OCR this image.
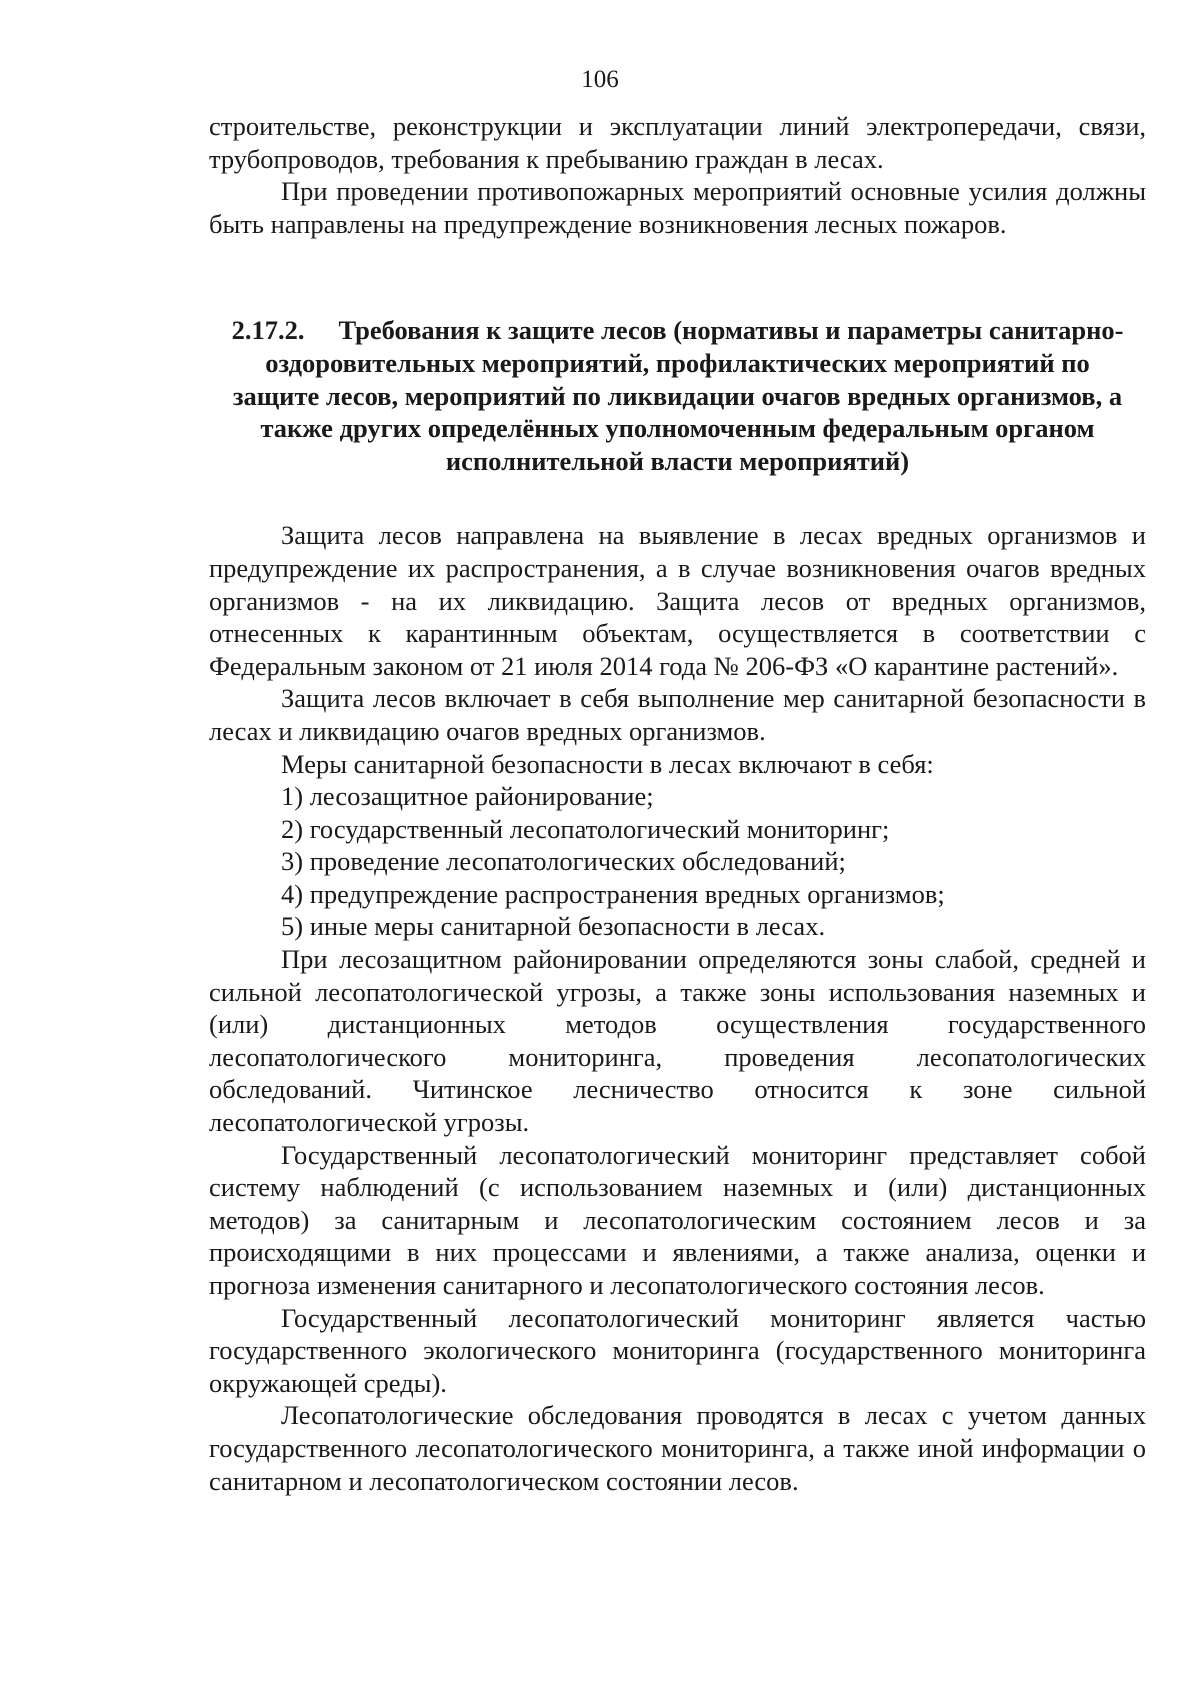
106

строительстве, реконструкции и эксплуатации линий электропередачи, связи, трубопроводов, требования к пребыванию граждан в лесах.

При проведении противопожарных мероприятий основные усилия должны быть направлены на предупреждение возникновения лесных пожаров.

2.17.2. Требования к защите лесов (нормативы и параметры санитарно-оздоровительных мероприятий, профилактических мероприятий по защите лесов, мероприятий по ликвидации очагов вредных организмов, а также других определённых уполномоченным федеральным органом исполнительной власти мероприятий)

Защита лесов направлена на выявление в лесах вредных организмов и предупреждение их распространения, а в случае возникновения очагов вредных организмов - на их ликвидацию. Защита лесов от вредных организмов, отнесенных к карантинным объектам, осуществляется в соответствии с Федеральным законом от 21 июля 2014 года № 206-ФЗ «О карантине растений».

Защита лесов включает в себя выполнение мер санитарной безопасности в лесах и ликвидацию очагов вредных организмов.

Меры санитарной безопасности в лесах включают в себя:

1) лесозащитное районирование;

2) государственный лесопатологический мониторинг;

3) проведение лесопатологических обследований;

4) предупреждение распространения вредных организмов;

5) иные меры санитарной безопасности в лесах.

При лесозащитном районировании определяются зоны слабой, средней и сильной лесопатологической угрозы, а также зоны использования наземных и (или) дистанционных методов осуществления государственного лесопатологического мониторинга, проведения лесопатологических обследований. Читинское лесничество относится к зоне сильной лесопатологической угрозы.

Государственный лесопатологический мониторинг представляет собой систему наблюдений (с использованием наземных и (или) дистанционных методов) за санитарным и лесопатологическим состоянием лесов и за происходящими в них процессами и явлениями, а также анализа, оценки и прогноза изменения санитарного и лесопатологического состояния лесов.

Государственный лесопатологический мониторинг является частью государственного экологического мониторинга (государственного мониторинга окружающей среды).

Лесопатологические обследования проводятся в лесах с учетом данных государственного лесопатологического мониторинга, а также иной информации о санитарном и лесопатологическом состоянии лесов.
